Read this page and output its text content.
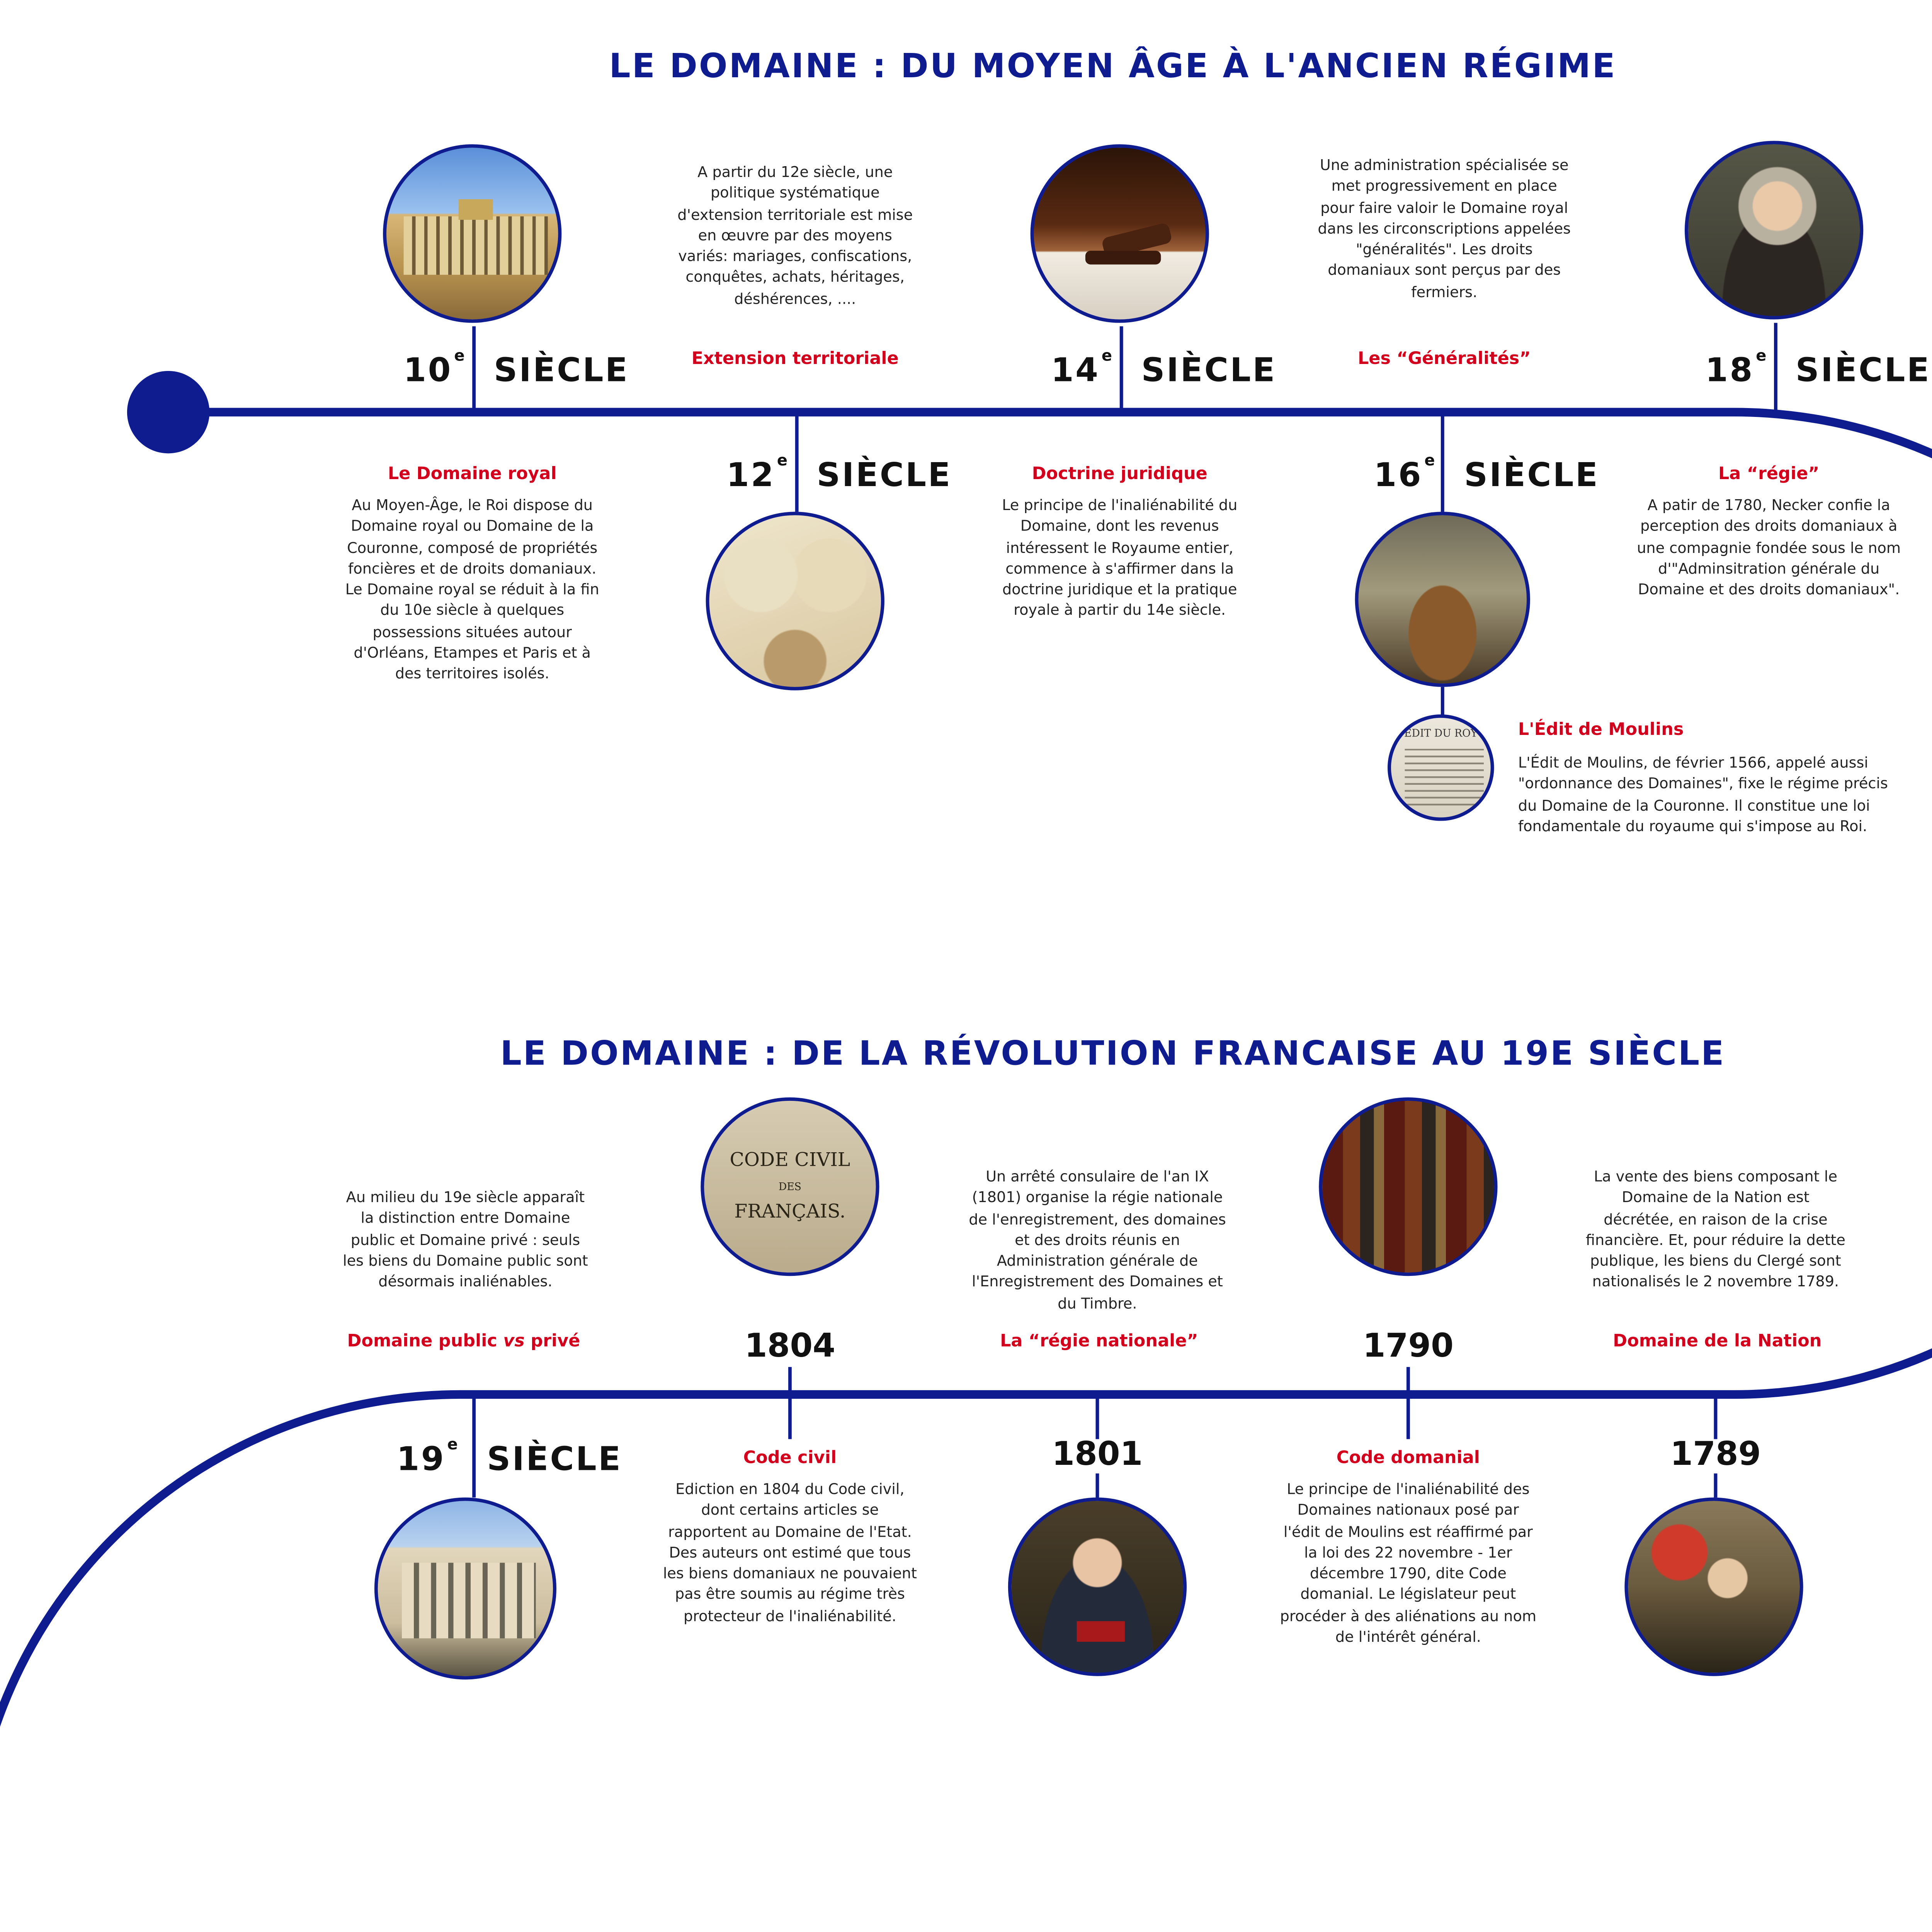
LE DOMAINE : DU MOYEN ÂGE À L'ANCIEN RÉGIME
LE DOMAINE : DE LA RÉVOLUTION FRANCAISE AU 19E SIÈCLE
10 $^e$	SIÈCLE
Le Domaine royal
Au Moyen-Âge, le Roi dispose du Domaine royal ou Domaine de la Couronne, composé de propriétés foncières et de droits domaniaux. Le Domaine royal se réduit à la fin du 10e siècle à quelques possessions situées autour d'Orléans, Etampes et Paris et à des territoires isolés.
A partir du 12e siècle, une politique systématique d'extension territoriale est mise en œuvre par des moyens variés: mariages, confiscations, conquêtes, achats, héritages, déshérences, ....
Extension territoriale
12 $^e$	SIÈCLE
14 $^e$	SIÈCLE
Doctrine juridique
Le principe de l'inaliénabilité du Domaine, dont les revenus intéressent le Royaume entier, commence à s'affirmer dans la doctrine juridique et la pratique royale à partir du 14e siècle.
Une administration spécialisée se met progressivement en place pour faire valoir le Domaine royal dans les circonscriptions appelées "généralités". Les droits domaniaux sont perçus par des fermiers.
Les “Généralités”
16 $^e$	SIÈCLE
EDIT DU ROY	L'Édit de Moulins
L'Édit de Moulins, de février 1566, appelé aussi "ordonnance des Domaines", fixe le régime précis du Domaine de la Couronne. Il constitue une loi fondamentale du royaume qui s'impose au Roi.
18 $^e$	SIÈCLE
La “régie”
A patir de 1780, Necker confie la perception des droits domaniaux à une compagnie fondée sous le nom d'"Adminsitration générale du Domaine et des droits domaniaux".
Au milieu du 19e siècle apparaît la distinction entre Domaine public et Domaine privé : seuls les biens du Domaine public sont désormais inaliénables.
Domaine public vs privé
19 $^e$	SIÈCLE
CODE CIVIL
DES
FRANÇAIS.
1804
Code civil
Ediction en 1804 du Code civil, dont certains articles se rapportent au Domaine de l'Etat. Des auteurs ont estimé que tous les biens domaniaux ne pouvaient pas être soumis au régime très protecteur de l'inaliénabilité.
Un arrêté consulaire de l'an IX (1801) organise la régie nationale de l'enregistrement, des domaines et des droits réunis en Administration générale de l'Enregistrement des Domaines et du Timbre.
La “régie nationale”
1801
1790
Code domanial
Le principe de l'inaliénabilité des Domaines nationaux posé par l'édit de Moulins est réaffirmé par la loi des 22 novembre - 1er décembre 1790, dite Code domanial. Le législateur peut procéder à des aliénations au nom de l'intérêt général.
La vente des biens composant le Domaine de la Nation est décrétée, en raison de la crise financière. Et, pour réduire la dette publique, les biens du Clergé sont nationalisés le 2 novembre 1789.
Domaine de la Nation
1789
